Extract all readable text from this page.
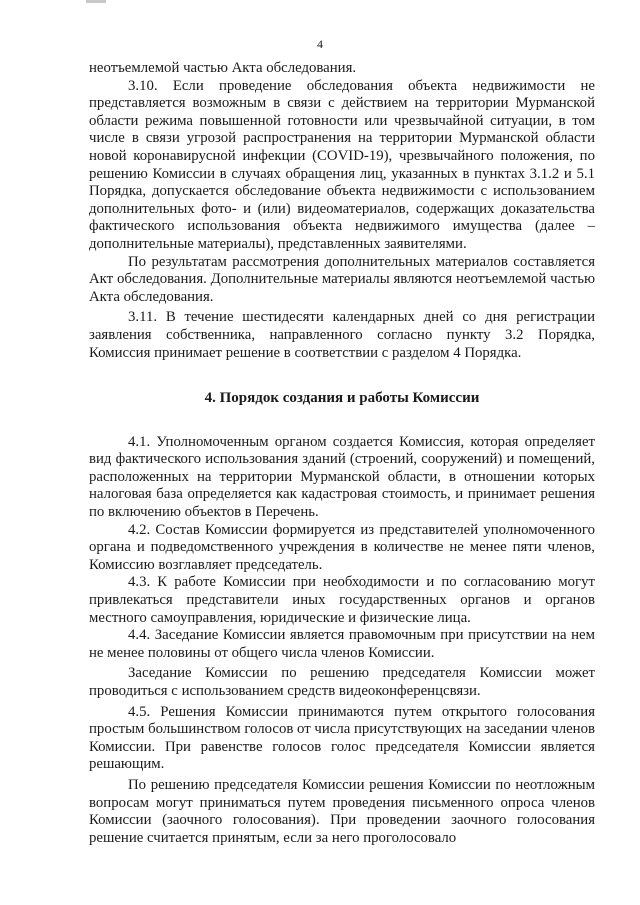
4

неотъемлемой частью Акта обследования.

3.10. Если проведение обследования объекта недвижимости не представляется возможным в связи с действием на территории Мурманской области режима повышенной готовности или чрезвычайной ситуации, в том числе в связи угрозой распространения на территории Мурманской области новой коронавирусной инфекции (COVID-19), чрезвычайного положения, по решению Комиссии в случаях обращения лиц, указанных в пунктах 3.1.2 и 5.1 Порядка, допускается обследование объекта недвижимости с использованием дополнительных фото- и (или) видеоматериалов, содержащих доказательства фактического использования объекта недвижимого имущества (далее – дополнительные материалы), представленных заявителями.

По результатам рассмотрения дополнительных материалов составляется Акт обследования. Дополнительные материалы являются неотъемлемой частью Акта обследования.

3.11. В течение шестидесяти календарных дней со дня регистрации заявления собственника, направленного согласно пункту 3.2 Порядка, Комиссия принимает решение в соответствии с разделом 4 Порядка.

4. Порядок создания и работы Комиссии

4.1. Уполномоченным органом создается Комиссия, которая определяет вид фактического использования зданий (строений, сооружений) и помещений, расположенных на территории Мурманской области, в отношении которых налоговая база определяется как кадастровая стоимость, и принимает решения по включению объектов в Перечень.

4.2. Состав Комиссии формируется из представителей уполномоченного органа и подведомственного учреждения в количестве не менее пяти членов, Комиссию возглавляет председатель.

4.3. К работе Комиссии при необходимости и по согласованию могут привлекаться представители иных государственных органов и органов местного самоуправления, юридические и физические лица.

4.4. Заседание Комиссии является правомочным при присутствии на нем не менее половины от общего числа членов Комиссии.

Заседание Комиссии по решению председателя Комиссии может проводиться с использованием средств видеоконференцсвязи.

4.5. Решения Комиссии принимаются путем открытого голосования простым большинством голосов от числа присутствующих на заседании членов Комиссии. При равенстве голосов голос председателя Комиссии является решающим.

По решению председателя Комиссии решения Комиссии по неотложным вопросам могут приниматься путем проведения письменного опроса членов Комиссии (заочного голосования). При проведении заочного голосования решение считается принятым, если за него проголосовало
